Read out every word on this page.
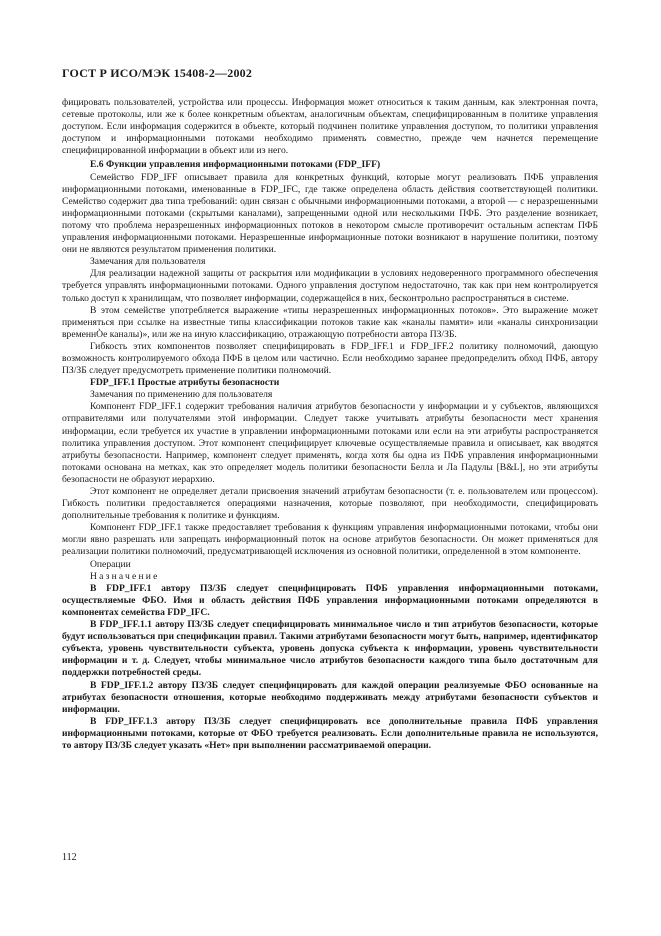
ГОСТ Р ИСО/МЭК 15408-2—2002

фицировать пользователей, устройства или процессы. Информация может относиться к таким данным, как электронная почта, сетевые протоколы, или же к более конкретным объектам, аналогичным объектам, специфицированным в политике управления доступом. Если информация содержится в объекте, который подчинен политике управления доступом, то политики управления доступом и информационными потоками необходимо применять совместно, прежде чем начнется перемещение специфицированной информации в объект или из него.

Е.6 Функции управления информационными потоками (FDP_IFF)

Семейство FDP_IFF описывает правила для конкретных функций, которые могут реализовать ПФБ управления информационными потоками, именованные в FDP_IFC, где также определена область действия соответствующей политики. Семейство содержит два типа требований: один связан с обычными информационными потоками, а второй — с неразрешенными информационными потоками (скрытыми каналами), запрещенными одной или несколькими ПФБ. Это разделение возникает, потому что проблема неразрешенных информационных потоков в некотором смысле противоречит остальным аспектам ПФБ управления информационными потоками. Неразрешенные информационные потоки возникают в нарушение политики, поэтому они не являются результатом применения политики.

Замечания для пользователя

Для реализации надежной защиты от раскрытия или модификации в условиях недоверенного программного обеспечения требуется управлять информационными потоками. Одного управления доступом недостаточно, так как при нем контролируется только доступ к хранилищам, что позволяет информации, содержащейся в них, бесконтрольно распространяться в системе.

В этом семействе употребляется выражение «типы неразрешенных информационных потоков». Это выражение может применяться при ссылке на известные типы классификации потоков такие как «каналы памяти» или «каналы синхронизации временнÒе каналы)», или же на иную классификацию, отражающую потребности автора ПЗ/ЗБ.

Гибкость этих компонентов позволяет специфицировать в FDP_IFF.1 и FDP_IFF.2 политику полномочий, дающую возможность контролируемого обхода ПФБ в целом или частично. Если необходимо заранее предопределить обход ПФБ, автору ПЗ/ЗБ следует предусмотреть применение политики полномочий.

FDP_IFF.1 Простые атрибуты безопасности

Замечания по применению для пользователя

Компонент FDP_IFF.1 содержит требования наличия атрибутов безопасности у информации и у субъектов, являющихся отправителями или получателями этой информации. Следует также учитывать атрибуты безопасности мест хранения информации, если требуется их участие в управлении информационными потоками или если на эти атрибуты распространяется политика управления доступом. Этот компонент специфицирует ключевые осуществляемые правила и описывает, как вводятся атрибуты безопасности. Например, компонент следует применять, когда хотя бы одна из ПФБ управления информационными потоками основана на метках, как это определяет модель политики безопасности Белла и Ла Падулы [B&L], но эти атрибуты безопасности не образуют иерархию.

Этот компонент не определяет детали присвоения значений атрибутам безопасности (т. е. пользователем или процессом). Гибкость политики предоставляется операциями назначения, которые позволяют, при необходимости, специфицировать дополнительные требования к политике и функциям.

Компонент FDP_IFF.1 также предоставляет требования к функциям управления информационными потоками, чтобы они могли явно разрешать или запрещать информационный поток на основе атрибутов безопасности. Он может применяться для реализации политики полномочий, предусматривающей исключения из основной политики, определенной в этом компоненте.

Операции

Назначение

В FDP_IFF.1 автору ПЗ/ЗБ следует специфицировать ПФБ управления информационными потоками, осуществляемые ФБО. Имя и область действия ПФБ управления информационными потоками определяются в компонентах семейства FDP_IFC.

В FDP_IFF.1.1 автору ПЗ/ЗБ следует специфицировать минимальное число и тип атрибутов безопасности, которые будут использоваться при спецификации правил. Такими атрибутами безопасности могут быть, например, идентификатор субъекта, уровень чувствительности субъекта, уровень допуска субъекта к информации, уровень чувствительности информации и т. д. Следует, чтобы минимальное число атрибутов безопасности каждого типа было достаточным для поддержки потребностей среды.

В FDP_IFF.1.2 автору ПЗ/ЗБ следует специфицировать для каждой операции реализуемые ФБО основанные на атрибутах безопасности отношения, которые необходимо поддерживать между атрибутами безопасности субъектов и информации.

В FDP_IFF.1.3 автору ПЗ/ЗБ следует специфицировать все дополнительные правила ПФБ управления информационными потоками, которые от ФБО требуется реализовать. Если дополнительные правила не используются, то автору ПЗ/ЗБ следует указать «Нет» при выполнении рассматриваемой операции.

112
